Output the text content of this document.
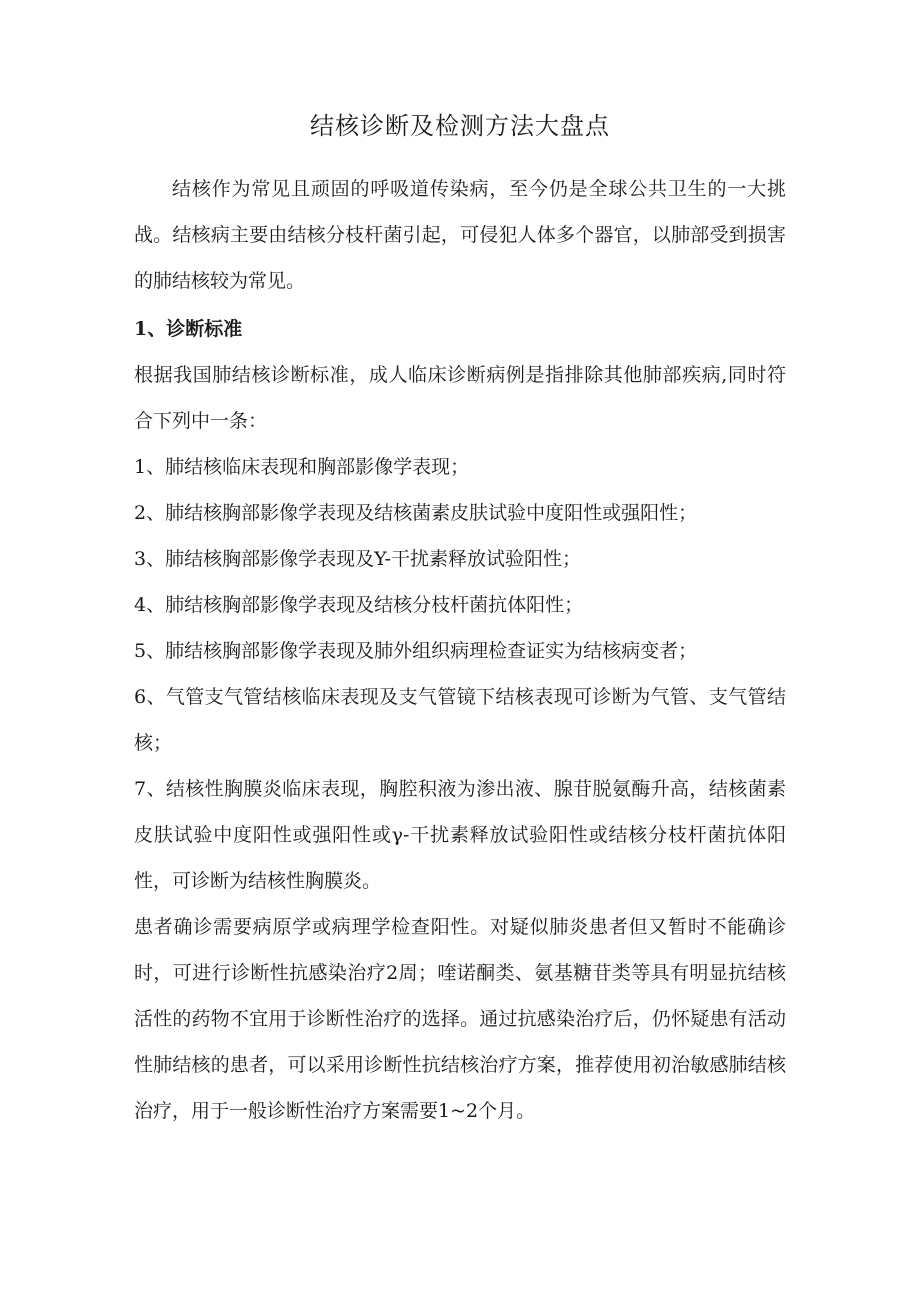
结核诊断及检测方法大盘点

结核作为常见且顽固的呼吸道传染病，至今仍是全球公共卫生的一大挑战。结核病主要由结核分枝杆菌引起，可侵犯人体多个器官，以肺部受到损害的肺结核较为常见。

1、诊断标准

根据我国肺结核诊断标准，成人临床诊断病例是指排除其他肺部疾病,同时符合下列中一条：

1、肺结核临床表现和胸部影像学表现；

2、肺结核胸部影像学表现及结核菌素皮肤试验中度阳性或强阳性；

3、肺结核胸部影像学表现及Y-干扰素释放试验阳性；

4、肺结核胸部影像学表现及结核分枝杆菌抗体阳性；

5、肺结核胸部影像学表现及肺外组织病理检查证实为结核病变者；

6、气管支气管结核临床表现及支气管镜下结核表现可诊断为气管、支气管结核；

7、结核性胸膜炎临床表现，胸腔积液为渗出液、腺苷脱氨酶升高，结核菌素皮肤试验中度阳性或强阳性或γ-干扰素释放试验阳性或结核分枝杆菌抗体阳性，可诊断为结核性胸膜炎。

患者确诊需要病原学或病理学检查阳性。对疑似肺炎患者但又暂时不能确诊时，可进行诊断性抗感染治疗2周；喹诺酮类、氨基糖苷类等具有明显抗结核活性的药物不宜用于诊断性治疗的选择。通过抗感染治疗后，仍怀疑患有活动性肺结核的患者，可以采用诊断性抗结核治疗方案，推荐使用初治敏感肺结核治疗，用于一般诊断性治疗方案需要1~2个月。
